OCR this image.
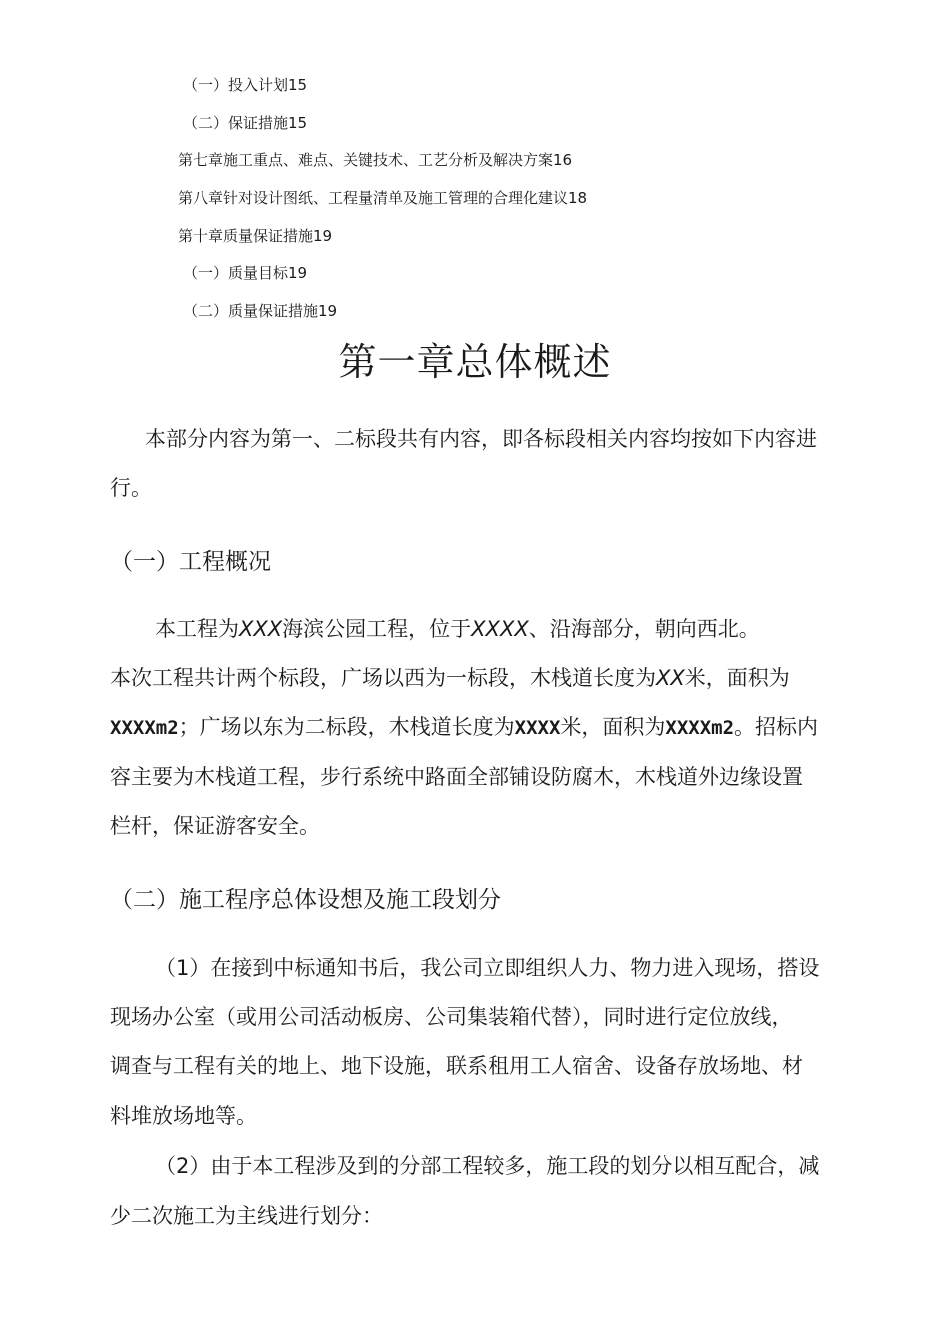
（一）投入计划15
（二）保证措施15
第七章施工重点、难点、关键技术、工艺分析及解决方案16
第八章针对设计图纸、工程量清单及施工管理的合理化建议18
第十章质量保证措施19
（一）质量目标19
（二）质量保证措施19
第一章总体概述
本部分内容为第一、二标段共有内容，即各标段相关内容均按如下内容进
行。
（一）工程概况
本工程为XXX海滨公园工程，位于XXXX、沿海部分，朝向西北。
本次工程共计两个标段，广场以西为一标段，木栈道长度为XX米，面积为
XXXXm2；广场以东为二标段，木栈道长度为XXXX米，面积为XXXXm2。招标内
容主要为木栈道工程，步行系统中路面全部铺设防腐木，木栈道外边缘设置
栏杆，保证游客安全。
（二）施工程序总体设想及施工段划分
（1）在接到中标通知书后，我公司立即组织人力、物力进入现场，搭设
现场办公室（或用公司活动板房、公司集装箱代替），同时进行定位放线，
调查与工程有关的地上、地下设施，联系租用工人宿舍、设备存放场地、材
料堆放场地等。
（2）由于本工程涉及到的分部工程较多，施工段的划分以相互配合，减
少二次施工为主线进行划分：
